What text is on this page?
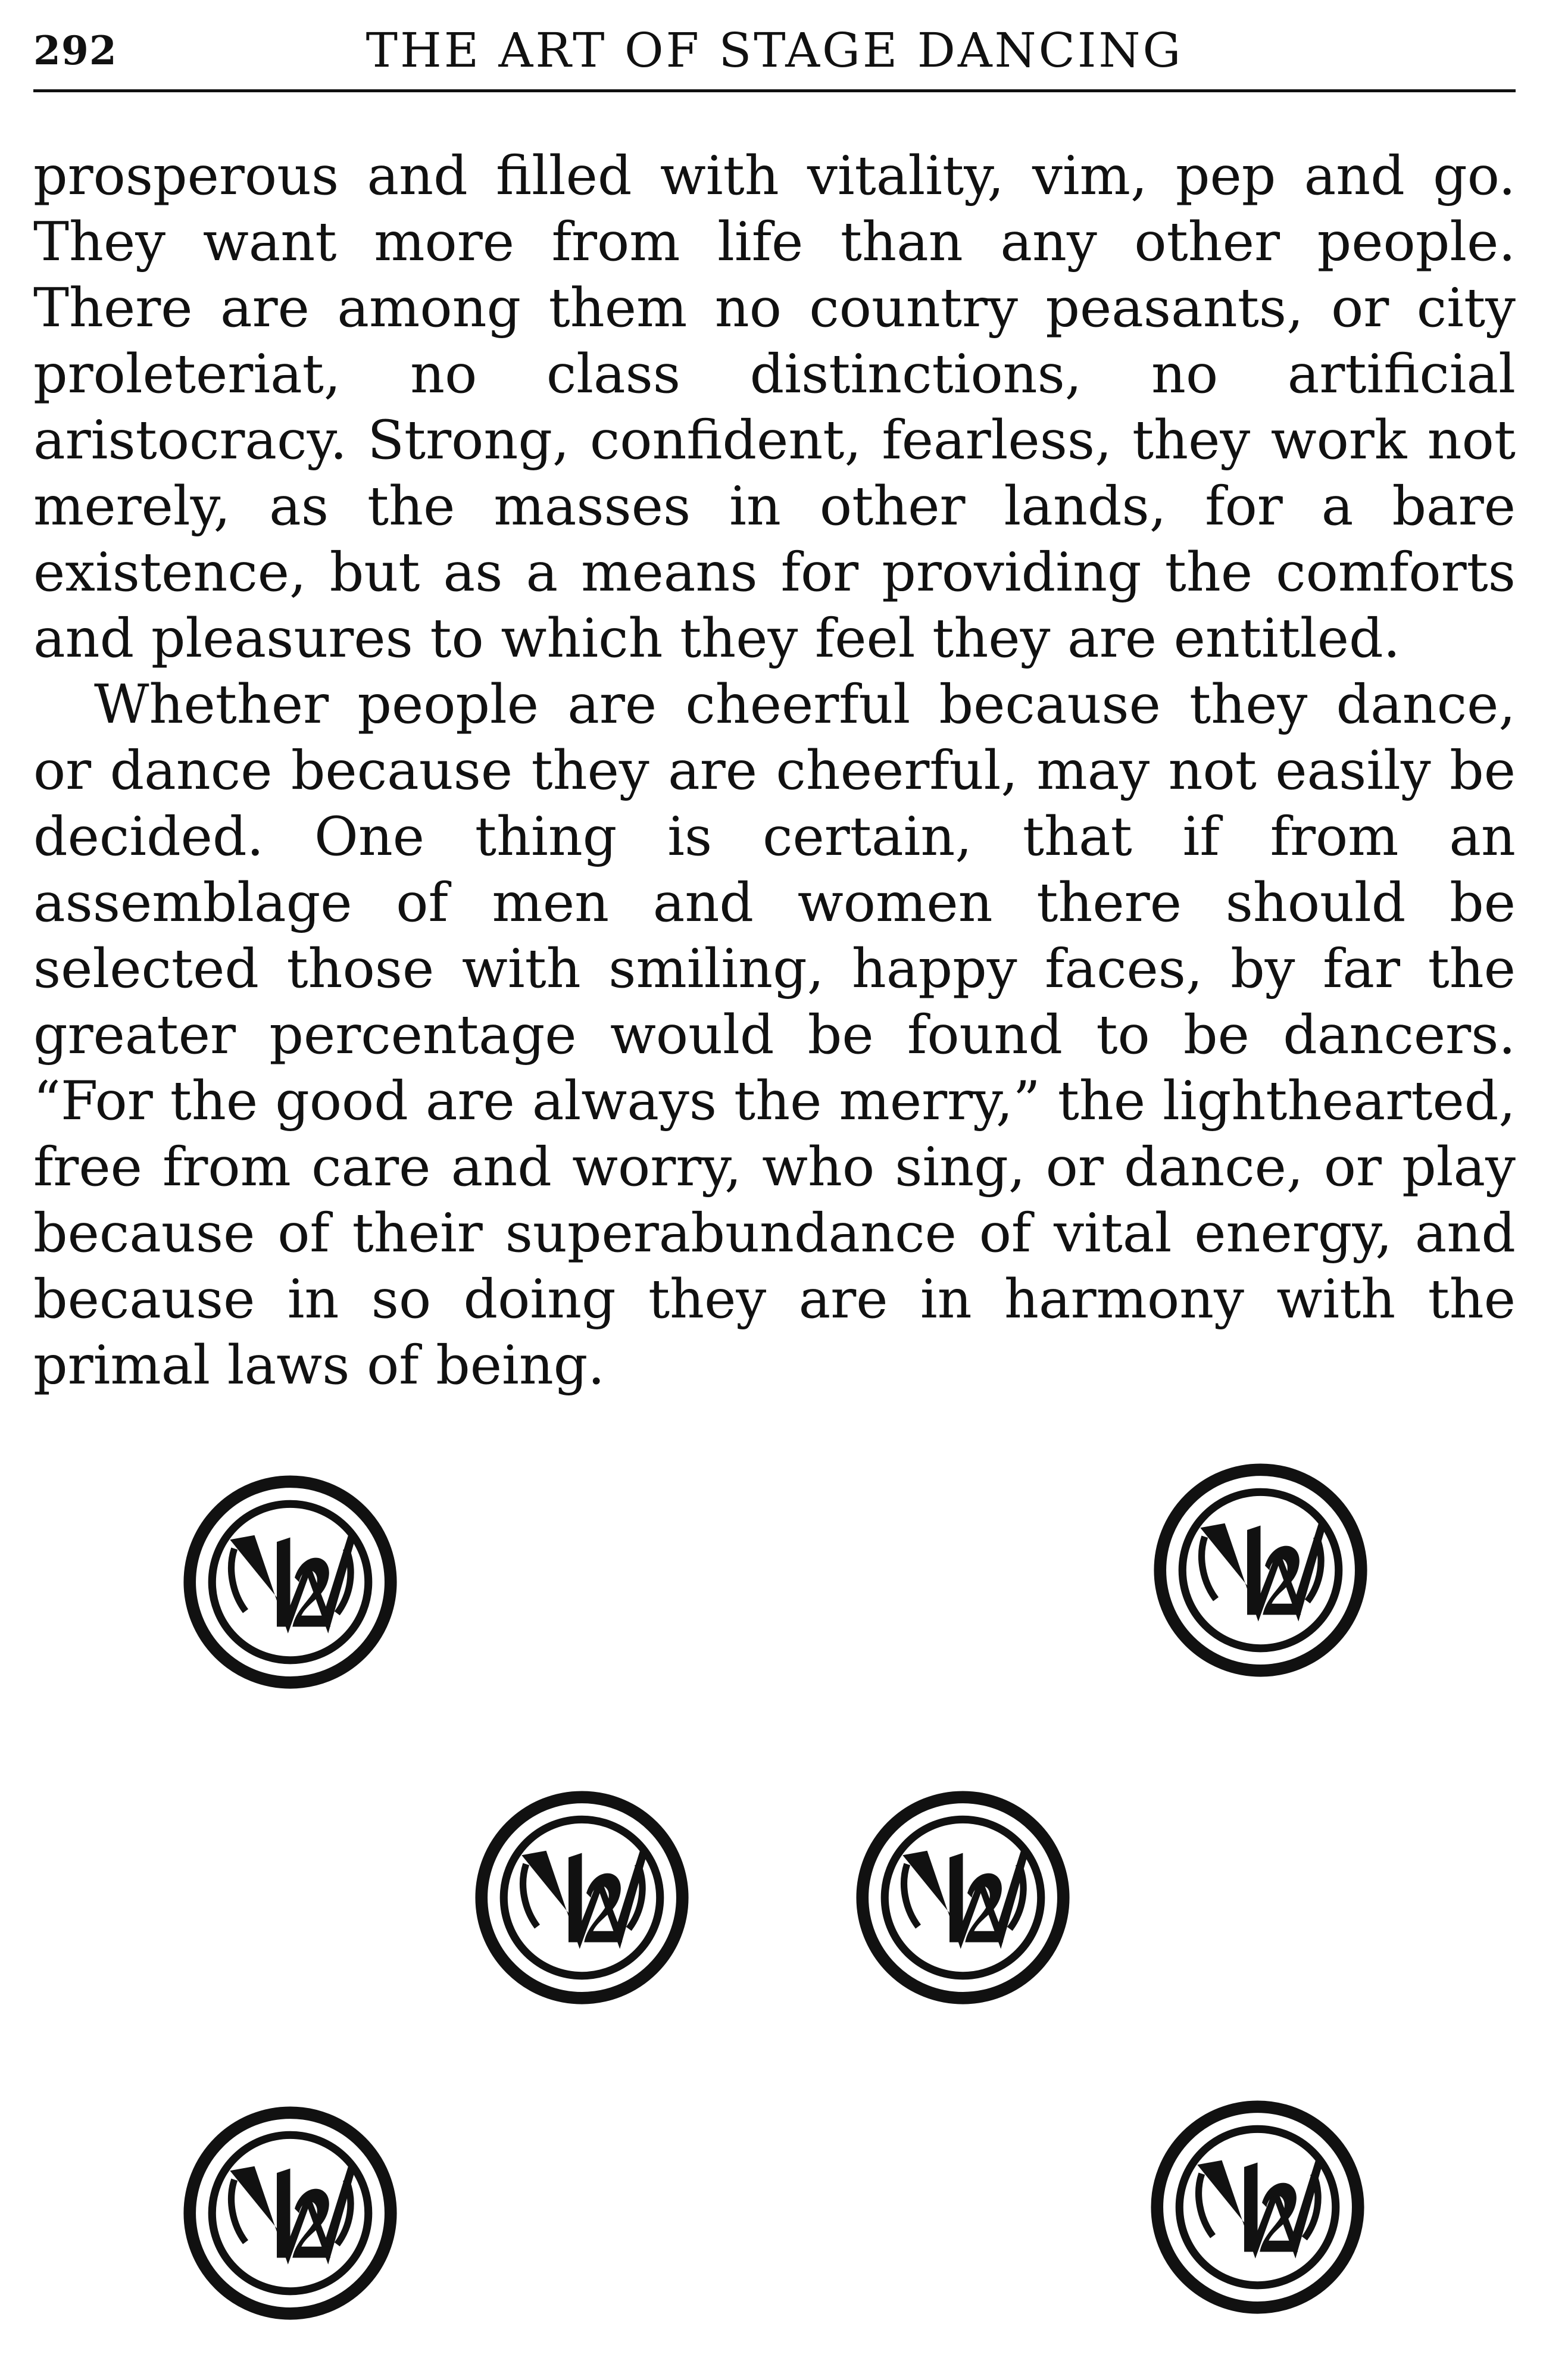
292	THE ART OF STAGE DANCING

prosperous and filled with vitality, vim, pep and go. They want more from life than any other people. There are among them no country peasants, or city proleteriat, no class distinctions, no artificial aristocracy. Strong, confident, fearless, they work not merely, as the masses in other lands, for a bare existence, but as a means for providing the comforts and pleasures to which they feel they are entitled.

Whether people are cheerful because they dance, or dance because they are cheerful, may not easily be decided. One thing is certain, that if from an assemblage of men and women there should be selected those with smiling, happy faces, by far the greater percentage would be found to be dancers. “For the good are always the merry,” the lighthearted, free from care and worry, who sing, or dance, or play because of their superabundance of vital energy, and because in so doing they are in harmony with the primal laws of being.
